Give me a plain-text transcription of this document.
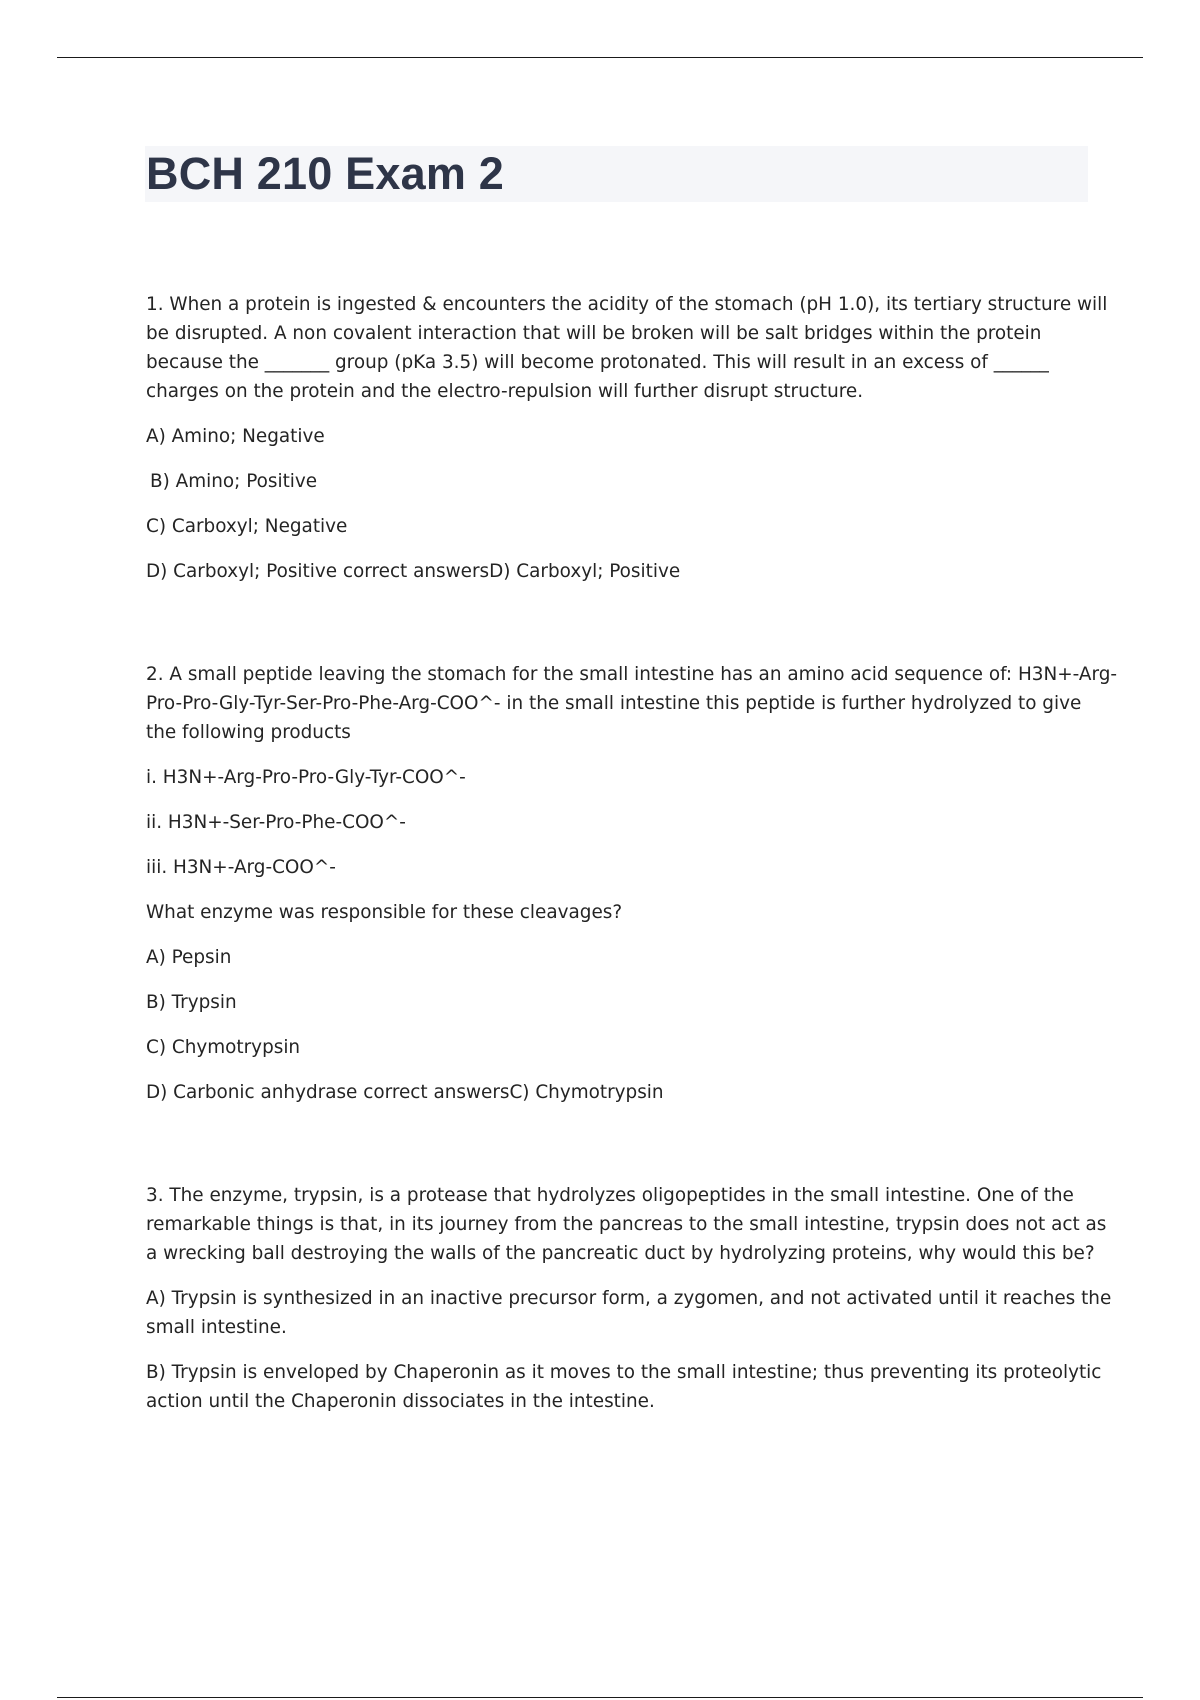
BCH 210 Exam 2

1. When a protein is ingested & encounters the acidity of the stomach (pH 1.0), its tertiary structure will
be disrupted. A non covalent interaction that will be broken will be salt bridges within the protein
because the _______ group (pKa 3.5) will become protonated. This will result in an excess of ______
charges on the protein and the electro-repulsion will further disrupt structure.

A) Amino; Negative

B) Amino; Positive

C) Carboxyl; Negative

D) Carboxyl; Positive correct answersD) Carboxyl; Positive

2. A small peptide leaving the stomach for the small intestine has an amino acid sequence of: H3N+-Arg-
Pro-Pro-Gly-Tyr-Ser-Pro-Phe-Arg-COO^- in the small intestine this peptide is further hydrolyzed to give
the following products

i. H3N+-Arg-Pro-Pro-Gly-Tyr-COO^-

ii. H3N+-Ser-Pro-Phe-COO^-

iii. H3N+-Arg-COO^-

What enzyme was responsible for these cleavages?

A) Pepsin

B) Trypsin

C) Chymotrypsin

D) Carbonic anhydrase correct answersC) Chymotrypsin

3. The enzyme, trypsin, is a protease that hydrolyzes oligopeptides in the small intestine. One of the
remarkable things is that, in its journey from the pancreas to the small intestine, trypsin does not act as
a wrecking ball destroying the walls of the pancreatic duct by hydrolyzing proteins, why would this be?

A) Trypsin is synthesized in an inactive precursor form, a zygomen, and not activated until it reaches the
small intestine.

B) Trypsin is enveloped by Chaperonin as it moves to the small intestine; thus preventing its proteolytic
action until the Chaperonin dissociates in the intestine.
